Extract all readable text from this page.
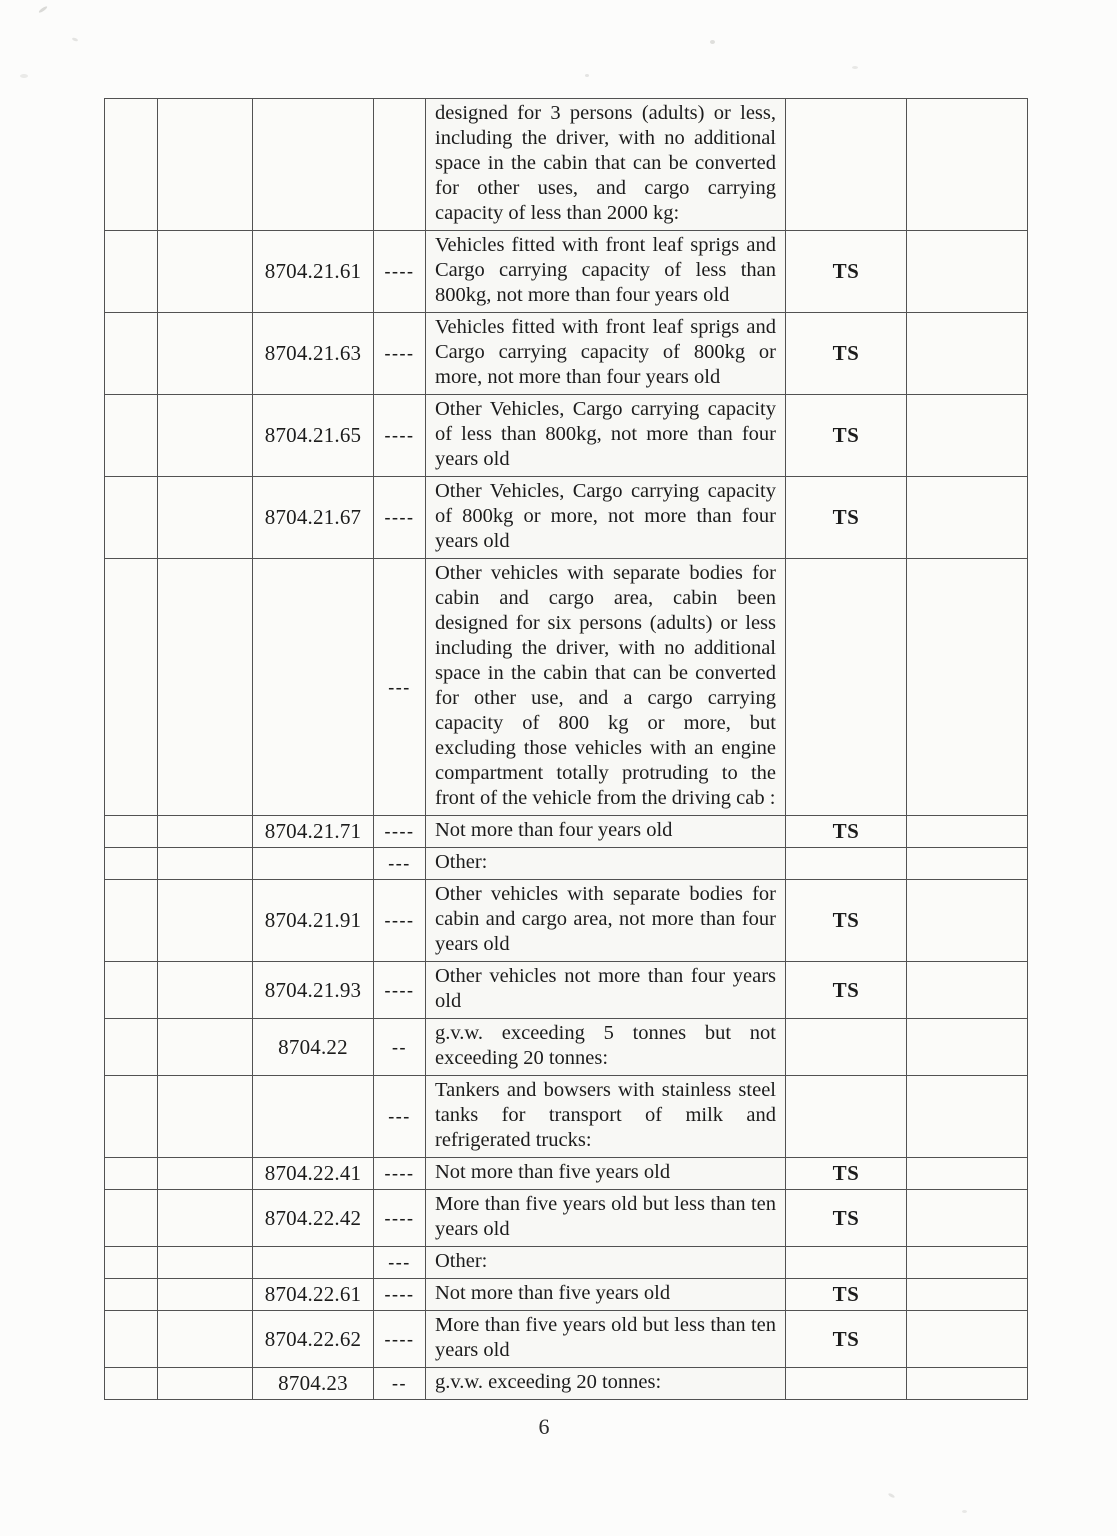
				designed for 3 persons (adults) or less, including the driver, with no additional space in the cabin that can be converted for other uses, and cargo carrying capacity of less than 2000 kg:		
		8704.21.61	----	Vehicles fitted with front leaf sprigs and Cargo carrying capacity of less than 800kg, not more than four years old	TS	
		8704.21.63	----	Vehicles fitted with front leaf sprigs and Cargo carrying capacity of 800kg or more, not more than four years old	TS	
		8704.21.65	----	Other Vehicles, Cargo carrying capacity of less than 800kg, not more than four years old	TS	
		8704.21.67	----	Other Vehicles, Cargo carrying capacity of 800kg or more, not more than four years old	TS	
			---	Other vehicles with separate bodies for cabin and cargo area, cabin been designed for six persons (adults) or less including the driver, with no additional space in the cabin that can be converted for other use, and a cargo carrying capacity of 800 kg or more, but excluding those vehicles with an engine compartment totally protruding to the front of the vehicle from the driving cab :		
		8704.21.71	----	Not more than four years old	TS	
			---	Other:		
		8704.21.91	----	Other vehicles with separate bodies for cabin and cargo area, not more than four years old	TS	
		8704.21.93	----	Other vehicles not more than four years old	TS	
		8704.22	--	g.v.w. exceeding 5 tonnes but not exceeding 20 tonnes:		
			---	Tankers and bowsers with stainless steel tanks for transport of milk and refrigerated trucks:		
		8704.22.41	----	Not more than five years old	TS	
		8704.22.42	----	More than five years old but less than ten years old	TS	
			---	Other:		
		8704.22.61	----	Not more than five years old	TS	
		8704.22.62	----	More than five years old but less than ten years old	TS	
		8704.23	--	g.v.w. exceeding 20 tonnes:		
6
